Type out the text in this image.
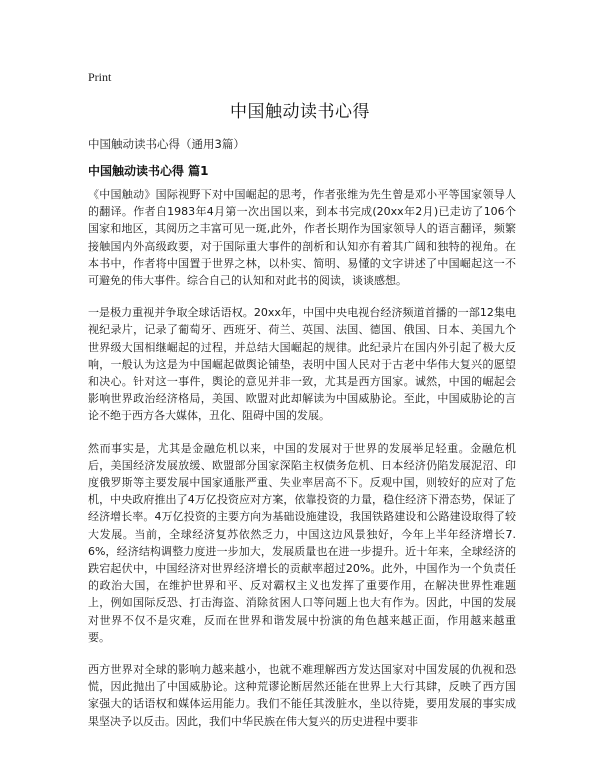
Print
中国触动读书心得
中国触动读书心得（通用3篇）
中国触动读书心得 篇1

《中国触动》国际视野下对中国崛起的思考，作者张维为先生曾是邓小平等国家领导人的翻译。作者自1983年4月第一次出国以来，到本书完成(20xx年2月)已走访了106个国家和地区，其阅历之丰富可见一斑,此外，作者长期作为国家领导人的语言翻译，频繁接触国内外高级政要，对于国际重大事件的剖析和认知亦有着其广阔和独特的视角。在本书中，作者将中国置于世界之林，以朴实、简明、易懂的文字讲述了中国崛起这一不可避免的伟大事件。综合自己的认知和对此书的阅读，谈谈感想。

一是极力重视并争取全球话语权。20xx年，中国中央电视台经济频道首播的一部12集电视纪录片，记录了葡萄牙、西班牙、荷兰、英国、法国、德国、俄国、日本、美国九个世界级大国相继崛起的过程，并总结大国崛起的规律。此纪录片在国内外引起了极大反响，一般认为这是为中国崛起做舆论铺垫，表明中国人民对于古老中华伟大复兴的愿望和决心。针对这一事件，舆论的意见并非一致，尤其是西方国家。诚然，中国的崛起会影响世界政治经济格局，美国、欧盟对此却解读为中国威胁论。至此，中国威胁论的言论不绝于西方各大媒体，丑化、阻碍中国的发展。

然而事实是，尤其是金融危机以来，中国的发展对于世界的发展举足轻重。金融危机后，美国经济发展放缓、欧盟部分国家深陷主权债务危机、日本经济仍陷发展泥沼、印度俄罗斯等主要发展中国家通胀严重、失业率居高不下。反观中国，则较好的应对了危机，中央政府推出了4万亿投资应对方案，依靠投资的力量，稳住经济下滑态势，保证了经济增长率。4万亿投资的主要方向为基础设施建设，我国铁路建设和公路建设取得了较大发展。当前，全球经济复苏依然乏力，中国这边风景独好，今年上半年经济增长7.6%，经济结构调整力度进一步加大，发展质量也在进一步提升。近十年来，全球经济的跌宕起伏中，中国经济对世界经济增长的贡献率超过20%。此外，中国作为一个负责任的政治大国，在维护世界和平、反对霸权主义也发挥了重要作用，在解决世界性难题上，例如国际反恐、打击海盗、消除贫困人口等问题上也大有作为。因此，中国的发展对世界不仅不是灾难，反而在世界和谐发展中扮演的角色越来越正面，作用越来越重要。

西方世界对全球的影响力越来越小，也就不难理解西方发达国家对中国发展的仇视和恐慌，因此抛出了中国威胁论。这种荒谬论断居然还能在世界上大行其肆，反映了西方国家强大的话语权和媒体运用能力。我们不能任其泼脏水，坐以待毙，要用发展的事实成果坚决予以反击。因此，我们中华民族在伟大复兴的历史进程中要非
